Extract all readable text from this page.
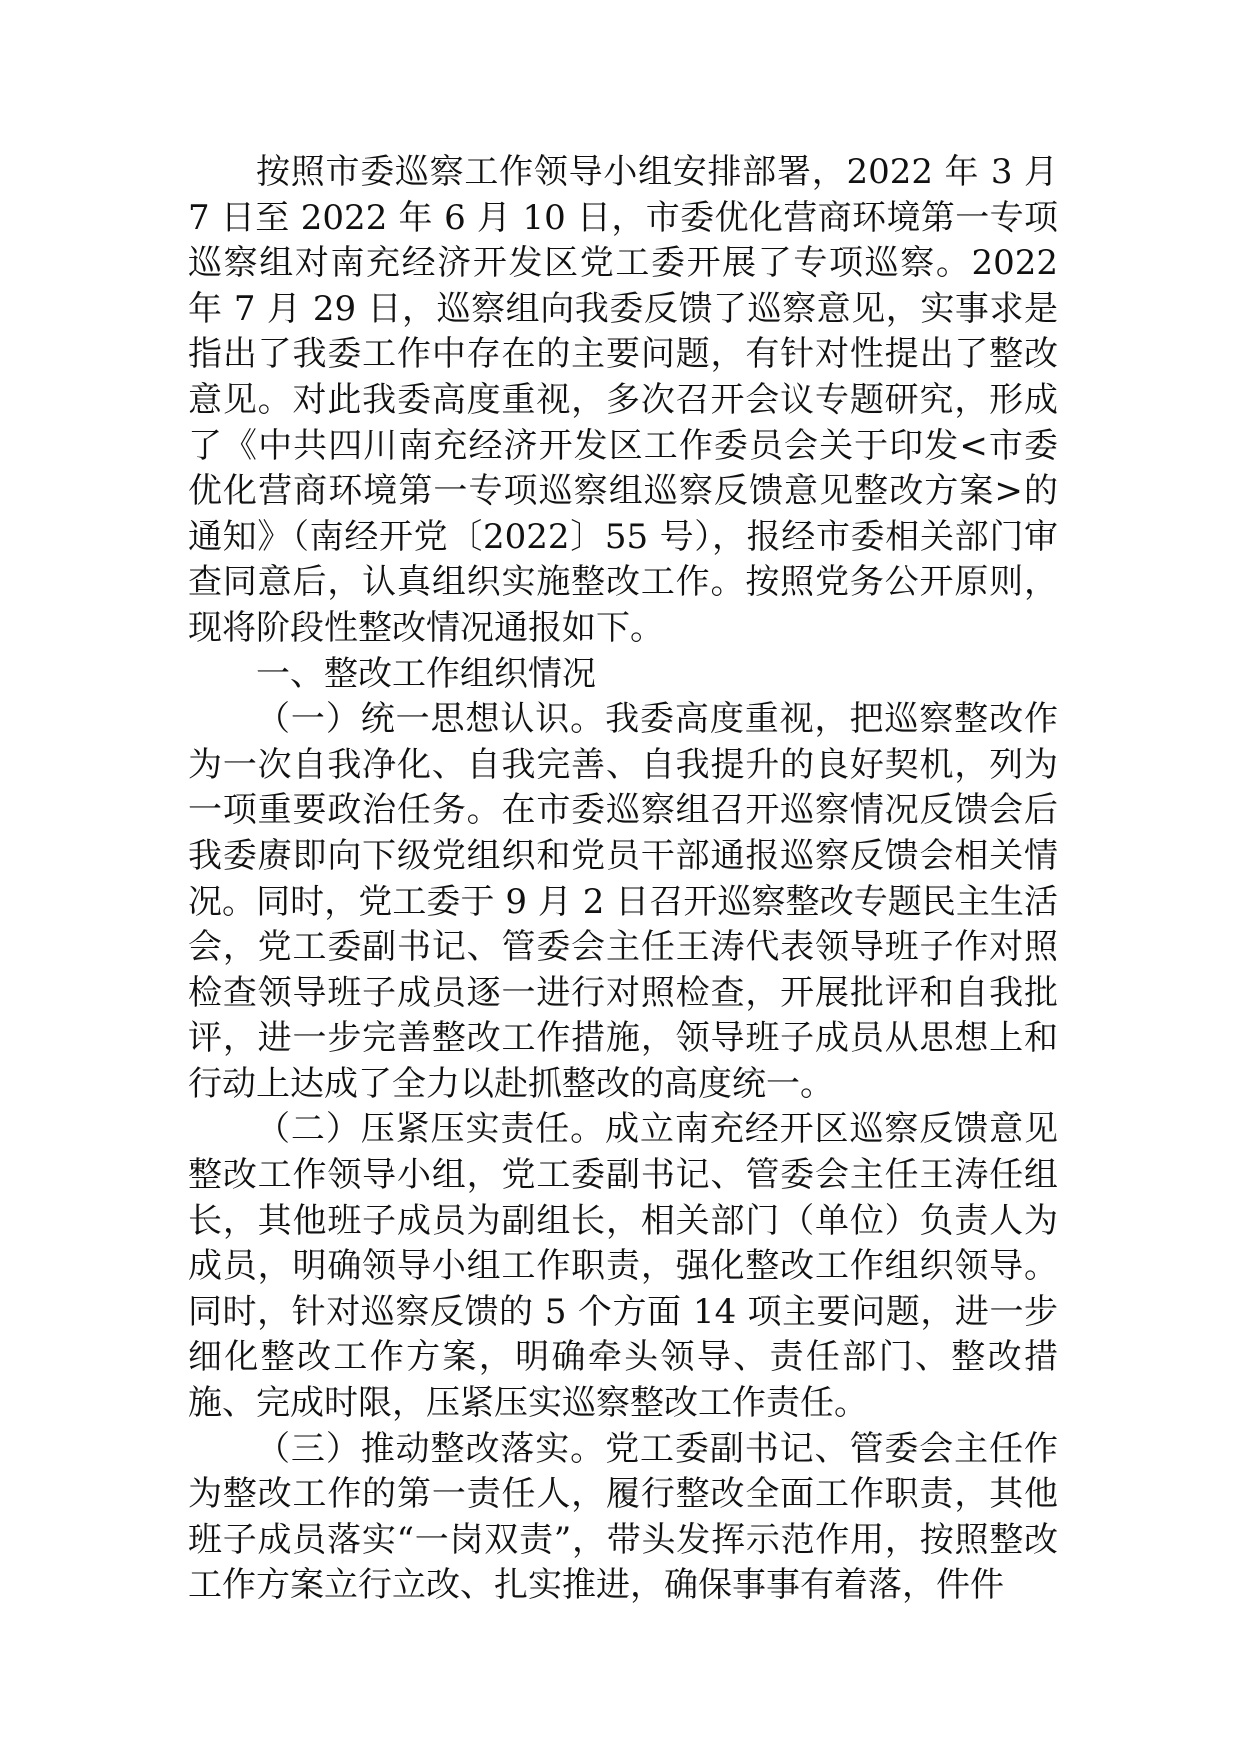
按照市委巡察工作领导小组安排部署，2022 年 3 月 7 日至 2022 年 6 月 10 日，市委优化营商环境第一专项巡察组对南充经济开发区党工委开展了专项巡察。2022 年 7 月 29 日，巡察组向我委反馈了巡察意见，实事求是指出了我委工作中存在的主要问题，有针对性提出了整改意见。对此我委高度重视，多次召开会议专题研究，形成了《中共四川南充经济开发区工作委员会关于印发<市委优化营商环境第一专项巡察组巡察反馈意见整改方案>的通知》（南经开党〔2022〕55 号），报经市委相关部门审查同意后，认真组织实施整改工作。按照党务公开原则，现将阶段性整改情况通报如下。

一、整改工作组织情况

（一）统一思想认识。我委高度重视，把巡察整改作为一次自我净化、自我完善、自我提升的良好契机，列为一项重要政治任务。在市委巡察组召开巡察情况反馈会后我委赓即向下级党组织和党员干部通报巡察反馈会相关情况。同时，党工委于 9 月 2 日召开巡察整改专题民主生活会，党工委副书记、管委会主任王涛代表领导班子作对照检查领导班子成员逐一进行对照检查，开展批评和自我批评，进一步完善整改工作措施，领导班子成员从思想上和行动上达成了全力以赴抓整改的高度统一。

（二）压紧压实责任。成立南充经开区巡察反馈意见整改工作领导小组，党工委副书记、管委会主任王涛任组长，其他班子成员为副组长，相关部门（单位）负责人为成员，明确领导小组工作职责，强化整改工作组织领导。同时，针对巡察反馈的 5 个方面 14 项主要问题，进一步细化整改工作方案，明确牵头领导、责任部门、整改措施、完成时限，压紧压实巡察整改工作责任。

（三）推动整改落实。党工委副书记、管委会主任作为整改工作的第一责任人，履行整改全面工作职责，其他班子成员落实“一岗双责”，带头发挥示范作用，按照整改工作方案立行立改、扎实推进，确保事事有着落，件件
